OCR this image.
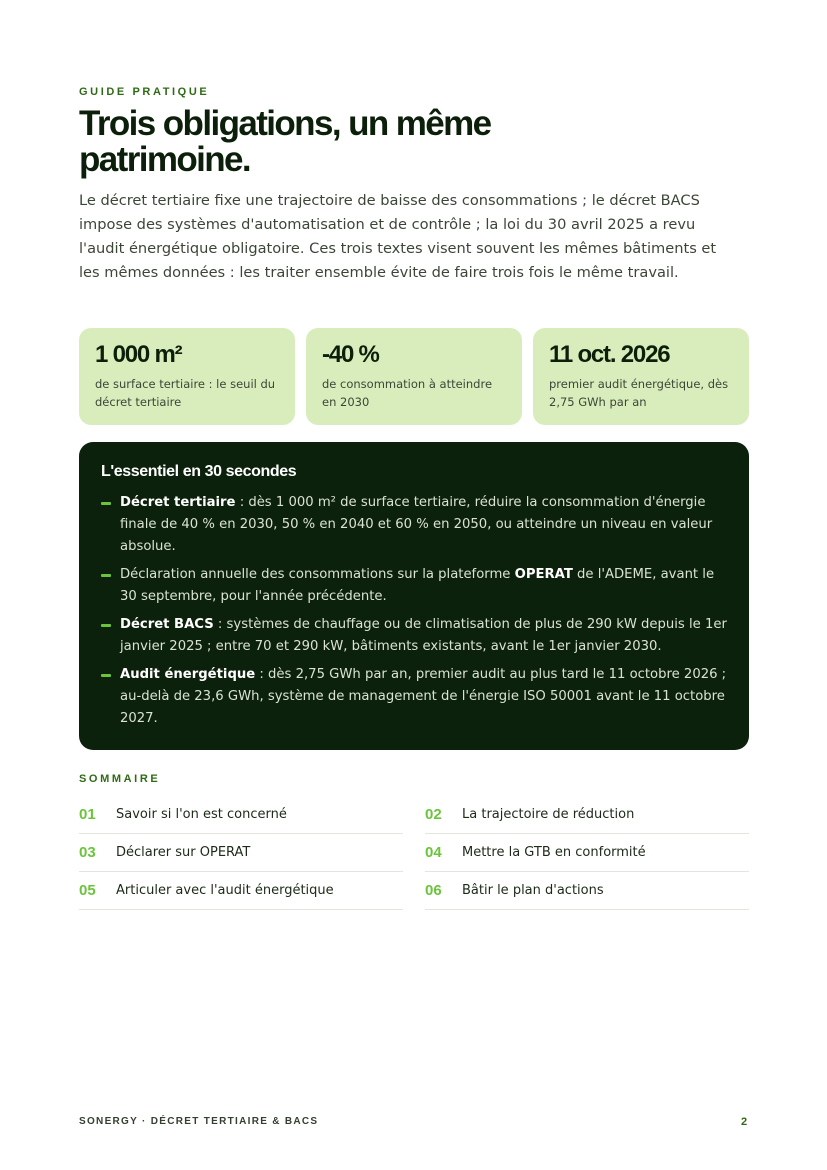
GUIDE PRATIQUE
Trois obligations, un même patrimoine.

Le décret tertiaire fixe une trajectoire de baisse des consommations ; le décret BACS impose des systèmes d'automatisation et de contrôle ; la loi du 30 avril 2025 a revu l'audit énergétique obligatoire. Ces trois textes visent souvent les mêmes bâtiments et les mêmes données : les traiter ensemble évite de faire trois fois le même travail.

1 000 m²
de surface tertiaire : le seuil du décret tertiaire
-40 %
de consommation à atteindre en 2030
11 oct. 2026
premier audit énergétique, dès 2,75 GWh par an
L'essentiel en 30 secondes
Décret tertiaire : dès 1 000 m² de surface tertiaire, réduire la consommation d'énergie finale de 40 % en 2030, 50 % en 2040 et 60 % en 2050, ou atteindre un niveau en valeur absolue.
Déclaration annuelle des consommations sur la plateforme OPERAT de l'ADEME, avant le 30 septembre, pour l'année précédente.
Décret BACS : systèmes de chauffage ou de climatisation de plus de 290 kW depuis le 1er janvier 2025 ; entre 70 et 290 kW, bâtiments existants, avant le 1er janvier 2030.
Audit énergétique : dès 2,75 GWh par an, premier audit au plus tard le 11 octobre 2026 ; au-delà de 23,6 GWh, système de management de l'énergie ISO 50001 avant le 11 octobre 2027.
SOMMAIRE
01	Savoir si l'on est concerné	02	La trajectoire de réduction
03	Déclarer sur OPERAT	04	Mettre la GTB en conformité
05	Articuler avec l'audit énergétique	06	Bâtir le plan d'actions
SONERGY · DÉCRET TERTIAIRE & BACS	2
